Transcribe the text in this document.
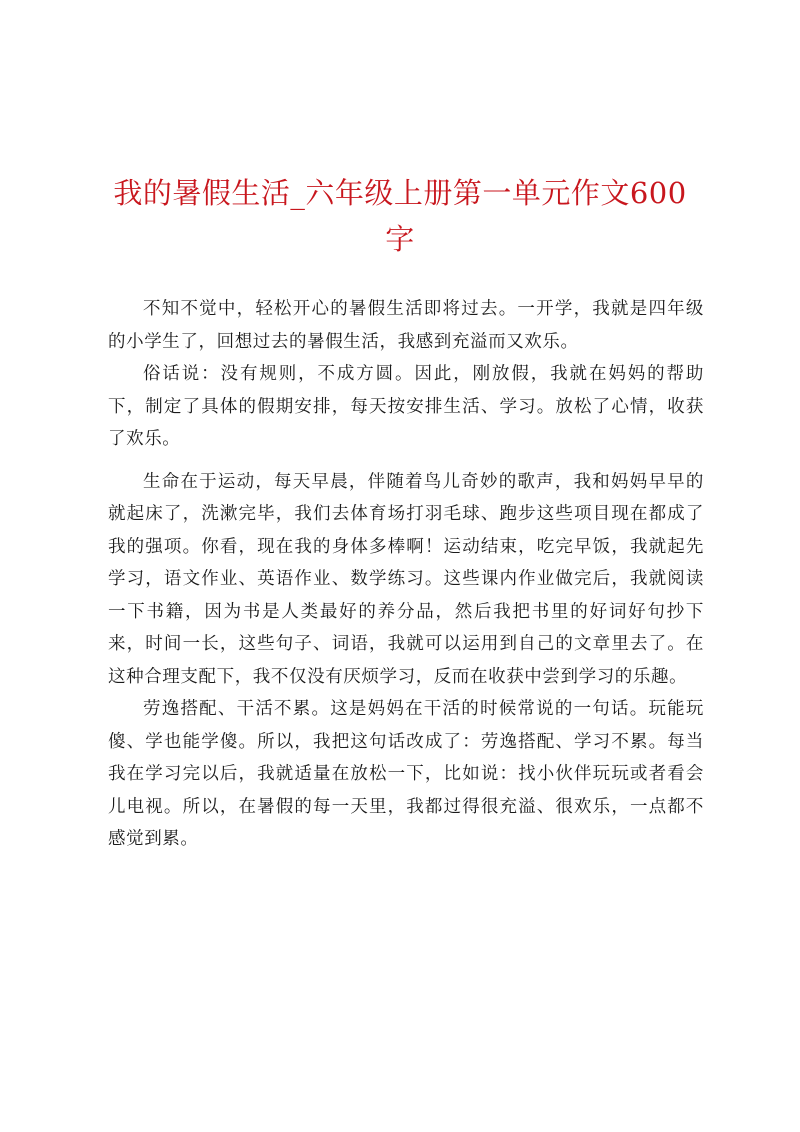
我的暑假生活_六年级上册第一单元作文600
字

不知不觉中，轻松开心的暑假生活即将过去。一开学，我就是四年级的小学生了，回想过去的暑假生活，我感到充溢而又欢乐。

俗话说：没有规则，不成方圆。因此，刚放假，我就在妈妈的帮助下，制定了具体的假期安排，每天按安排生活、学习。放松了心情，收获了欢乐。

生命在于运动，每天早晨，伴随着鸟儿奇妙的歌声，我和妈妈早早的就起床了，洗漱完毕，我们去体育场打羽毛球、跑步这些项目现在都成了我的强项。你看，现在我的身体多棒啊！运动结束，吃完早饭，我就起先学习，语文作业、英语作业、数学练习。这些课内作业做完后，我就阅读一下书籍，因为书是人类最好的养分品，然后我把书里的好词好句抄下来，时间一长，这些句子、词语，我就可以运用到自己的文章里去了。在这种合理支配下，我不仅没有厌烦学习，反而在收获中尝到学习的乐趣。

劳逸搭配、干活不累。这是妈妈在干活的时候常说的一句话。玩能玩傻、学也能学傻。所以，我把这句话改成了：劳逸搭配、学习不累。每当我在学习完以后，我就适量在放松一下，比如说：找小伙伴玩玩或者看会儿电视。所以，在暑假的每一天里，我都过得很充溢、很欢乐，一点都不感觉到累。
